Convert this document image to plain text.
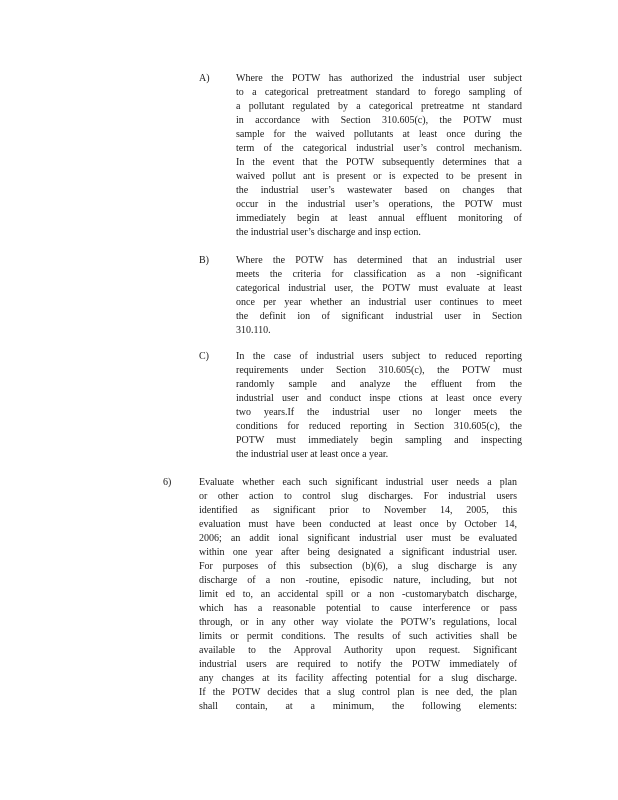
A)	Where the POTW has authorized the industrial user subject
to a categorical pretreatment standard to forego sampling of
a pollutant regulated by a categorical pretreatme nt standard
in accordance with Section 310.605(c), the POTW must
sample for the waived pollutants at least once during the
term of the categorical industrial user’s control mechanism.
In the event that the POTW subsequently determines that a
waived pollut ant is present or is expected to be present in
the industrial user’s wastewater based on changes that
occur in the industrial user’s operations, the POTW must
immediately begin at least annual effluent monitoring of
the industrial user’s discharge and insp ection.
B)	Where the POTW has determined that an industrial user
meets the criteria for classification as a non -significant
categorical industrial user, the POTW must evaluate at least
once per year whether an industrial user continues to meet
the definit ion of significant industrial user in Section
310.110.
C)	In the case of industrial users subject to reduced reporting
requirements under Section 310.605(c), the POTW must
randomly sample and analyze the effluent from the
industrial user and conduct inspe ctions at least once every
two years.If the industrial user no longer meets the
conditions for reduced reporting in Section 310.605(c), the
POTW must immediately begin sampling and inspecting
the industrial user at least once a year.
6)	Evaluate whether each such significant industrial user needs a plan
or other action to control slug discharges. For industrial users
identified as significant prior to November 14, 2005, this
evaluation must have been conducted at least once by October 14,
2006; an addit ional significant industrial user must be evaluated
within one year after being designated a significant industrial user.
For purposes of this subsection (b)(6), a slug discharge is any
discharge of a non -routine, episodic nature, including, but not
limit ed to, an accidental spill or a non -customarybatch discharge,
which has a reasonable potential to cause interference or pass
through, or in any other way violate the POTW’s regulations, local
limits or permit conditions. The results of such activities shall be
available to the Approval Authority upon request. Significant
industrial users are required to notify the POTW immediately of
any changes at its facility affecting potential for a slug discharge.
If the POTW decides that a slug control plan is nee ded, the plan
shall contain, at a minimum, the following elements:
